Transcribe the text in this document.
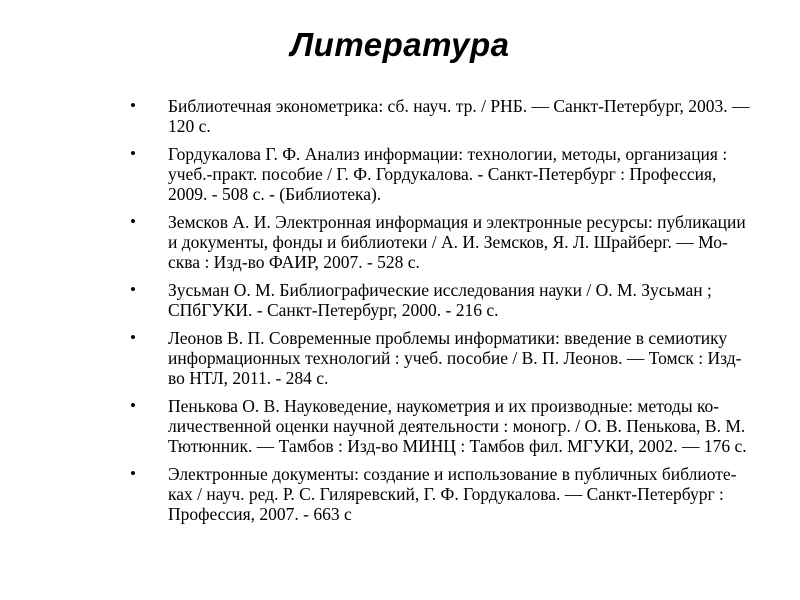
Литература
• Библиотечная эконометрика: сб. науч. тр. / РНБ. — Санкт-Петербург, 2003. — 120 с.
• Гордукалова Г. Ф. Анализ информации: технологии, методы, организация : учеб.-практ. пособие / Г. Ф. Гордукалова. - Санкт-Петербург : Профессия, 2009. - 508 с. - (Библиотека).
• Земсков А. И. Электронная информация и электронные ресурсы: публикации и документы, фонды и библиотеки / А. И. Земсков, Я. Л. Шрайберг. — Мо-сква : Изд-во ФАИР, 2007. - 528 с.
• Зусьман О. М. Библиографические исследования науки / О. М. Зусьман ; СПбГУКИ. - Санкт-Петербург, 2000. - 216 с.
• Леонов В. П. Современные проблемы информатики: введение в семиотику информационных технологий : учеб. пособие / В. П. Леонов. — Томск : Изд- во НТЛ, 2011. - 284 с.
• Пенькова О. В. Науковедение, наукометрия и их производные: методы ко-личественной оценки научной деятельности : моногр. / О. В. Пенькова, В. М. Тютюнник. — Тамбов : Изд-во МИНЦ : Тамбов фил. МГУКИ, 2002. — 176 с.
• Электронные документы: создание и использование в публичных библиоте-ках / науч. ред. Р. С. Гиляревский, Г. Ф. Гордукалова. — Санкт-Петербург : Профессия, 2007. - 663 с
